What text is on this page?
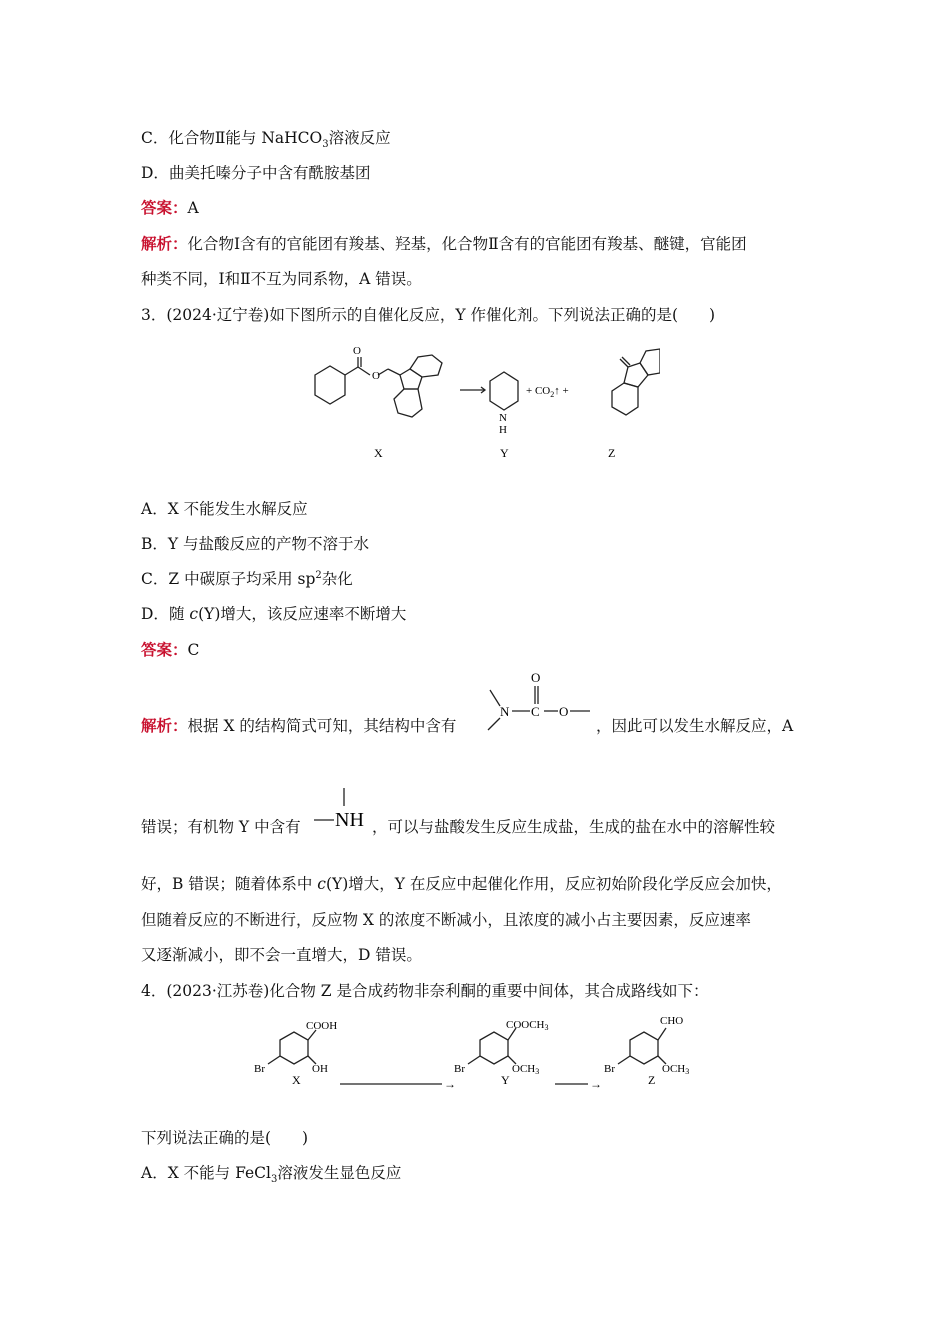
C．化合物Ⅱ能与 NaHCO$_3$溶液反应
D．曲美托嗪分子中含有酰胺基团
答案：A
解析：化合物Ⅰ含有的官能团有羧基、羟基，化合物Ⅱ含有的官能团有羧基、醚键，官能团
种类不同，Ⅰ和Ⅱ不互为同系物，A 错误。
3．(2024·辽宁卷)如下图所示的自催化反应，Y 作催化剂。下列说法正确的是(　　)
O
O
N
H
+ $CO_2↑$ +
X	Y	Z
A．X 不能发生水解反应
B．Y 与盐酸反应的产物不溶于水
C．Z 中碳原子均采用 $sp^2$杂化
D．随 c(Y)增大，该反应速率不断增大
答案：C
解析：根据 X 的结构简式可知，其结构中含有
N C
O
O
，因此可以发生水解反应，A
错误；有机物 Y 中含有 NH ，可以与盐酸发生反应生成盐，生成的盐在水中的溶解性较
好，B 错误；随着体系中 c(Y)增大，Y 在反应中起催化作用，反应初始阶段化学反应会加快，
但随着反应的不断进行，反应物 X 的浓度不断减小，且浓度的减小占主要因素，反应速率
又逐渐减小，即不会一直增大，D 错误。
4．(2023·江苏卷)化合物 Z 是合成药物非奈利酮的重要中间体，其合成路线如下：
→	→
COOH
OH
Br
X
COOCH3
OCH3
Br
Y
CHO
OCH3
Br
Z
下列说法正确的是(　　)
A．X 不能与 FeCl$_3$溶液发生显色反应
